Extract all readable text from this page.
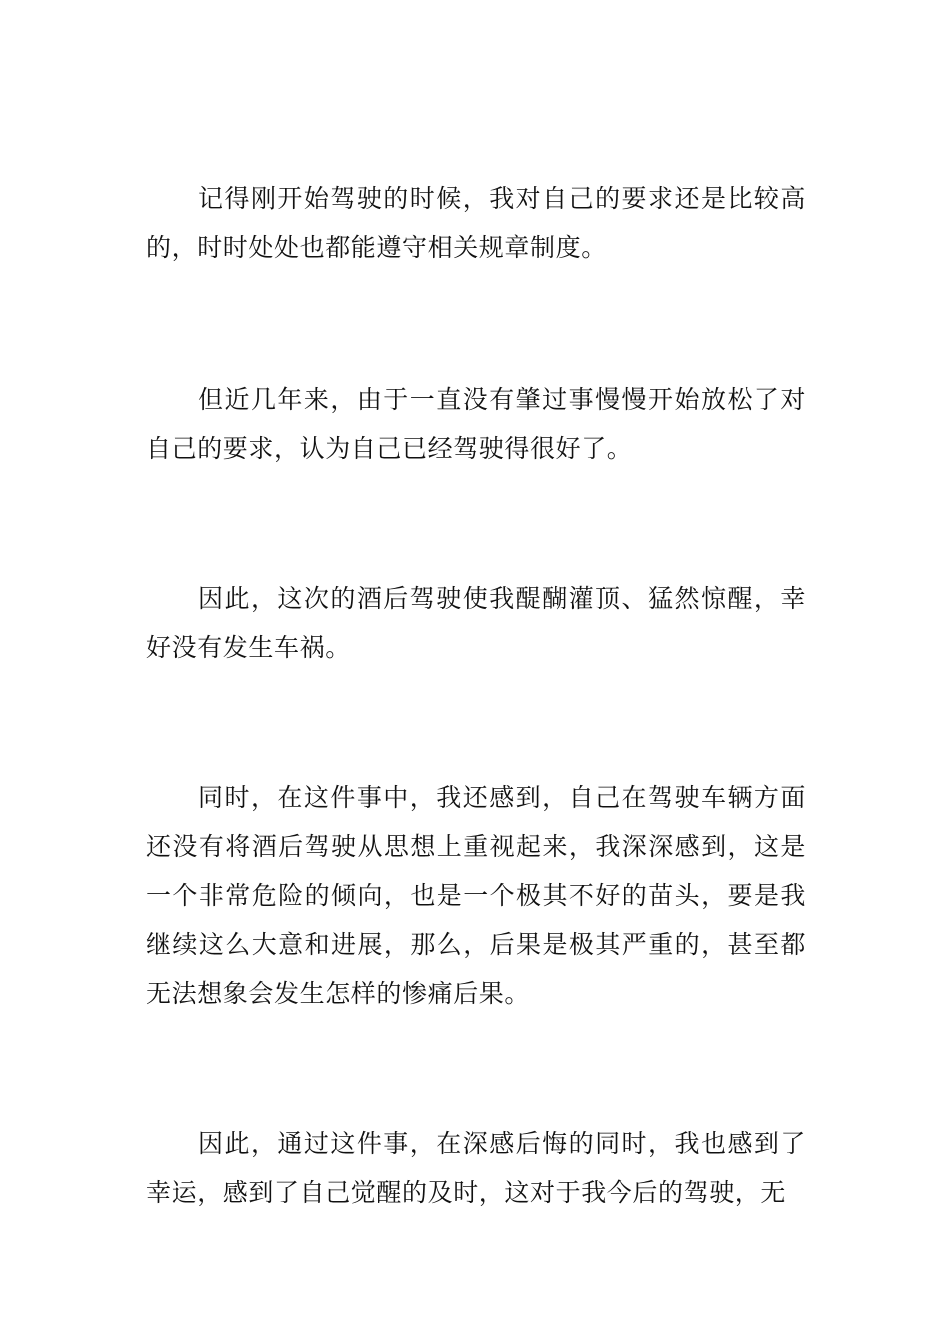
记得刚开始驾驶的时候，我对自己的要求还是比较高的，时时处处也都能遵守相关规章制度。

但近几年来，由于一直没有肇过事慢慢开始放松了对自己的要求，认为自己已经驾驶得很好了。

因此，这次的酒后驾驶使我醍醐灌顶、猛然惊醒，幸好没有发生车祸。

同时，在这件事中，我还感到，自己在驾驶车辆方面还没有将酒后驾驶从思想上重视起来，我深深感到，这是一个非常危险的倾向，也是一个极其不好的苗头，要是我继续这么大意和进展，那么，后果是极其严重的，甚至都无法想象会发生怎样的惨痛后果。

因此，通过这件事，在深感后悔的同时，我也感到了幸运，感到了自己觉醒的及时，这对于我今后的驾驶，无
